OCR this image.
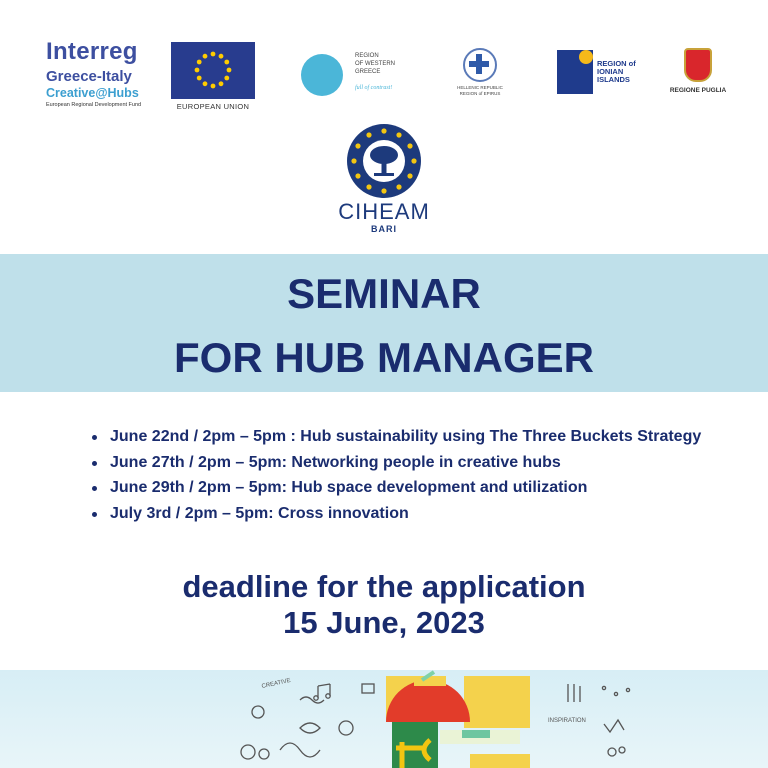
Interreg
Greece-Italy
Creative@Hubs
European Regional Development Fund	EUROPEAN UNION
REGION
OF WESTERN
GREECE
full of contrast!	HELLENIC REPUBLIC
REGION of EPIRUS
REGION of
IONIAN
ISLANDS
REGIONE PUGLIA
CIHEAM
BARI
SEMINAR
FOR HUB MANAGER
June 22nd / 2pm – 5pm : Hub sustainability using The Three Buckets Strategy
June 27th / 2pm – 5pm: Networking people in creative hubs
June 29th / 2pm – 5pm: Hub space development and utilization
July 3rd / 2pm – 5pm: Cross innovation
deadline for the application
15 June, 2023
CREATIVE
INSPIRATION
